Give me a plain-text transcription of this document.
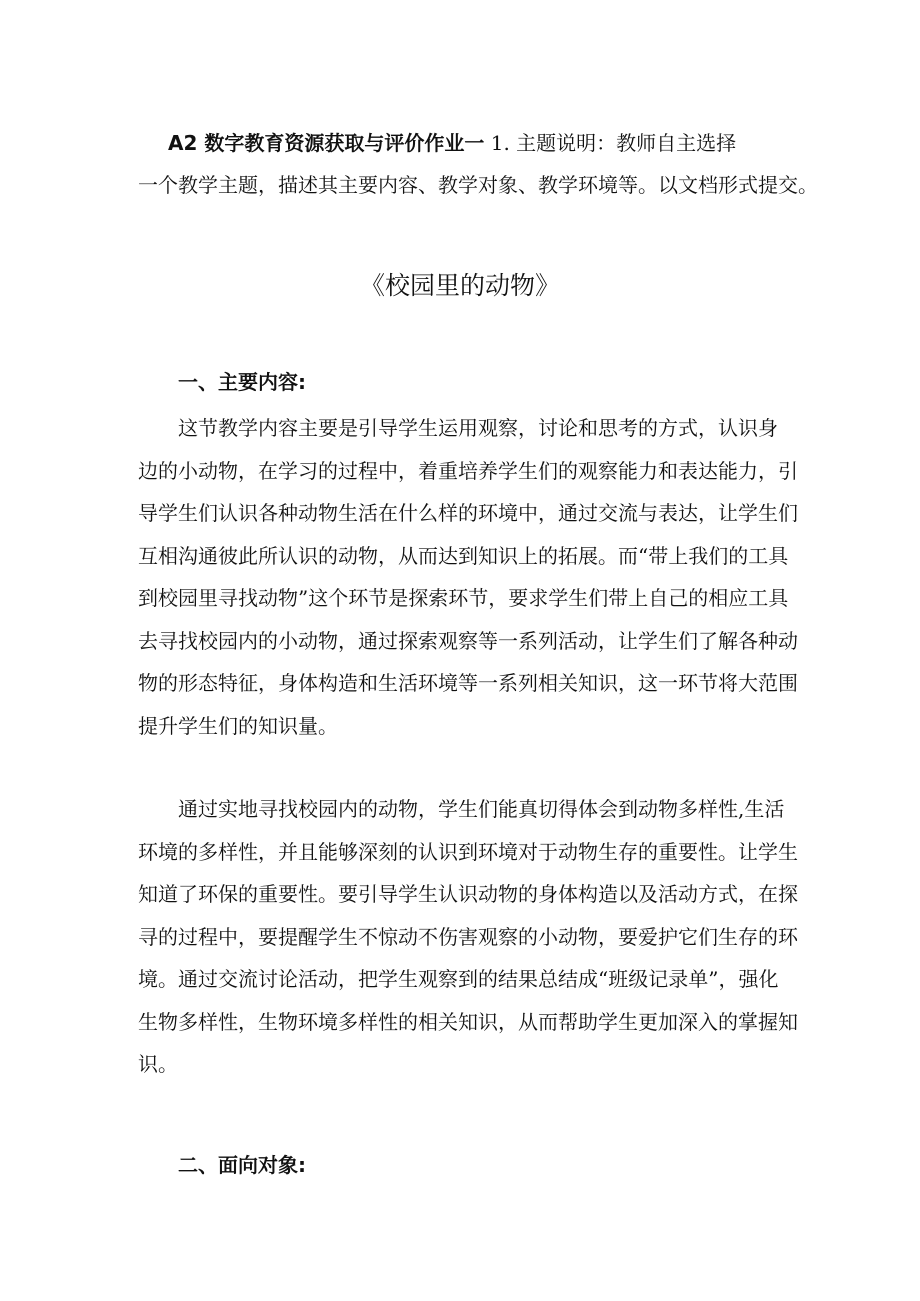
A2 数字教育资源获取与评价作业一 1. 主题说明：教师自主选择
一个教学主题，描述其主要内容、教学对象、教学环境等。以文档形式提交。
《校园里的动物》
一、主要内容:
这节教学内容主要是引导学生运用观察，讨论和思考的方式，认识身
边的小动物，在学习的过程中，着重培养学生们的观察能力和表达能力，引
导学生们认识各种动物生活在什么样的环境中，通过交流与表达，让学生们
互相沟通彼此所认识的动物，从而达到知识上的拓展。而“带上我们的工具
到校园里寻找动物”这个环节是探索环节，要求学生们带上自己的相应工具
去寻找校园内的小动物，通过探索观察等一系列活动，让学生们了解各种动
物的形态特征，身体构造和生活环境等一系列相关知识，这一环节将大范围
提升学生们的知识量。
通过实地寻找校园内的动物，学生们能真切得体会到动物多样性,生活
环境的多样性，并且能够深刻的认识到环境对于动物生存的重要性。让学生
知道了环保的重要性。要引导学生认识动物的身体构造以及活动方式，在探
寻的过程中，要提醒学生不惊动不伤害观察的小动物，要爱护它们生存的环
境。通过交流讨论活动，把学生观察到的结果总结成“班级记录单”，强化
生物多样性，生物环境多样性的相关知识，从而帮助学生更加深入的掌握知
识。
二、面向对象:
